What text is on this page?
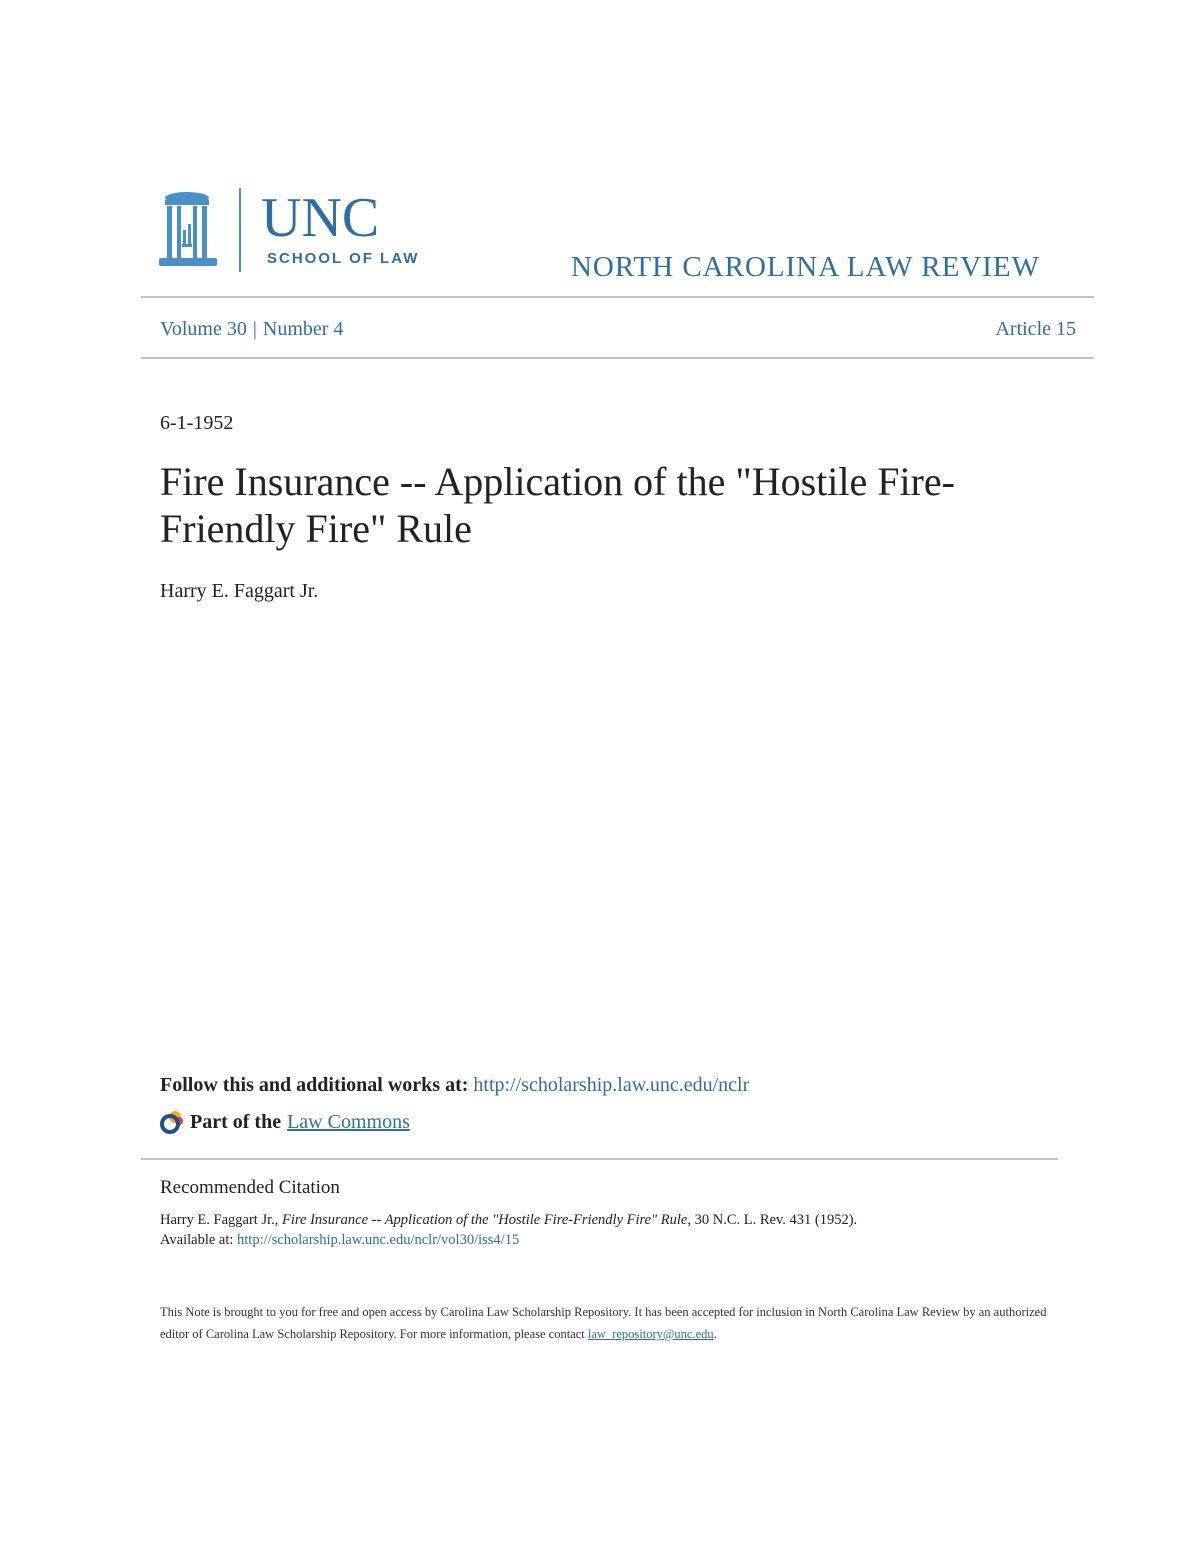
UNC
SCHOOL OF LAW	NORTH CAROLINA LAW REVIEW
Volume 30 | Number 4	Article 15
6-1-1952
Fire Insurance -- Application of the "Hostile Fire-Friendly Fire" Rule
Harry E. Faggart Jr.
Follow this and additional works at: http://scholarship.law.unc.edu/nclr
Part of the Law Commons
Recommended Citation
Harry E. Faggart Jr., Fire Insurance -- Application of the "Hostile Fire-Friendly Fire" Rule, 30 N.C. L. Rev. 431 (1952).
Available at: http://scholarship.law.unc.edu/nclr/vol30/iss4/15
This Note is brought to you for free and open access by Carolina Law Scholarship Repository. It has been accepted for inclusion in North Carolina Law Review by an authorized editor of Carolina Law Scholarship Repository. For more information, please contact law_repository@unc.edu.
